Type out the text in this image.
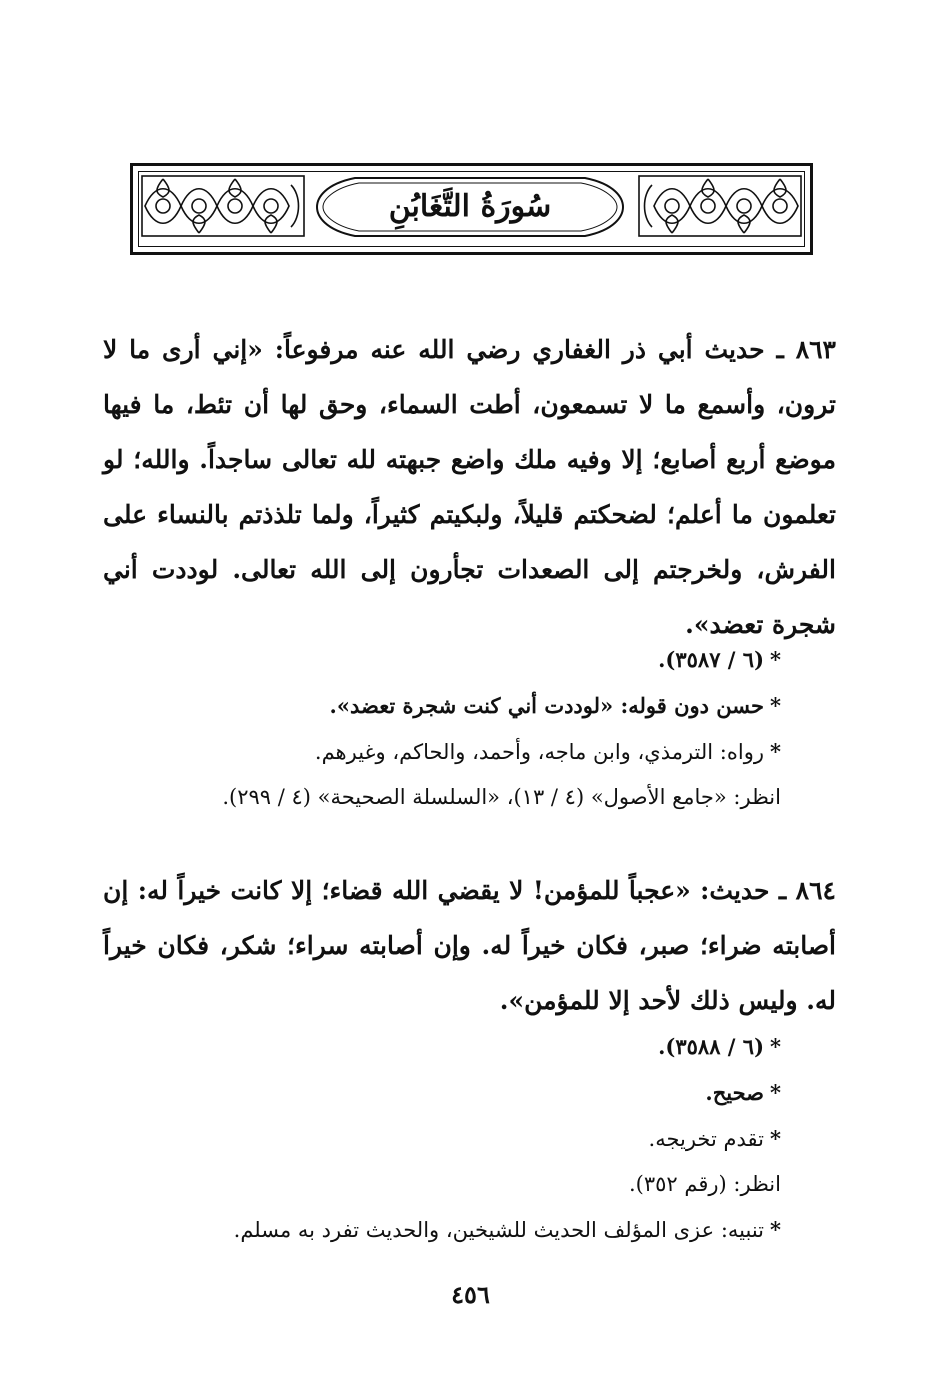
سُورَةُ التَّغَابُنِ
٨٦٣ ـ حديث أبي ذر الغفاري رضي الله عنه مرفوعاً: «إني أرى ما لا ترون، وأسمع ما لا تسمعون، أطت السماء، وحق لها أن تئط، ما فيها موضع أربع أصابع؛ إلا وفيه ملك واضع جبهته لله تعالى ساجداً. والله؛ لو تعلمون ما أعلم؛ لضحكتم قليلاً، ولبكيتم كثيراً، ولما تلذذتم بالنساء على الفرش، ولخرجتم إلى الصعدات تجأرون إلى الله تعالى. لوددت أني شجرة تعضد».
*(٦ / ٣٥٨٧).
*حسن دون قوله: «لوددت أني كنت شجرة تعضد».
*رواه: الترمذي، وابن ماجه، وأحمد، والحاكم، وغيرهم.
انظر: «جامع الأصول» (٤ / ١٣)، «السلسلة الصحيحة» (٤ / ٢٩٩).
٨٦٤ ـ حديث: «عجباً للمؤمن! لا يقضي الله قضاء؛ إلا كانت خيراً له: إن أصابته ضراء؛ صبر، فكان خيراً له. وإن أصابته سراء؛ شكر، فكان خيراً له. وليس ذلك لأحد إلا للمؤمن».
*(٦ / ٣٥٨٨).
*صحيح.
*تقدم تخريجه.
انظر: (رقم ٣٥٢).
*تنبيه: عزى المؤلف الحديث للشيخين، والحديث تفرد به مسلم.
٤٥٦
